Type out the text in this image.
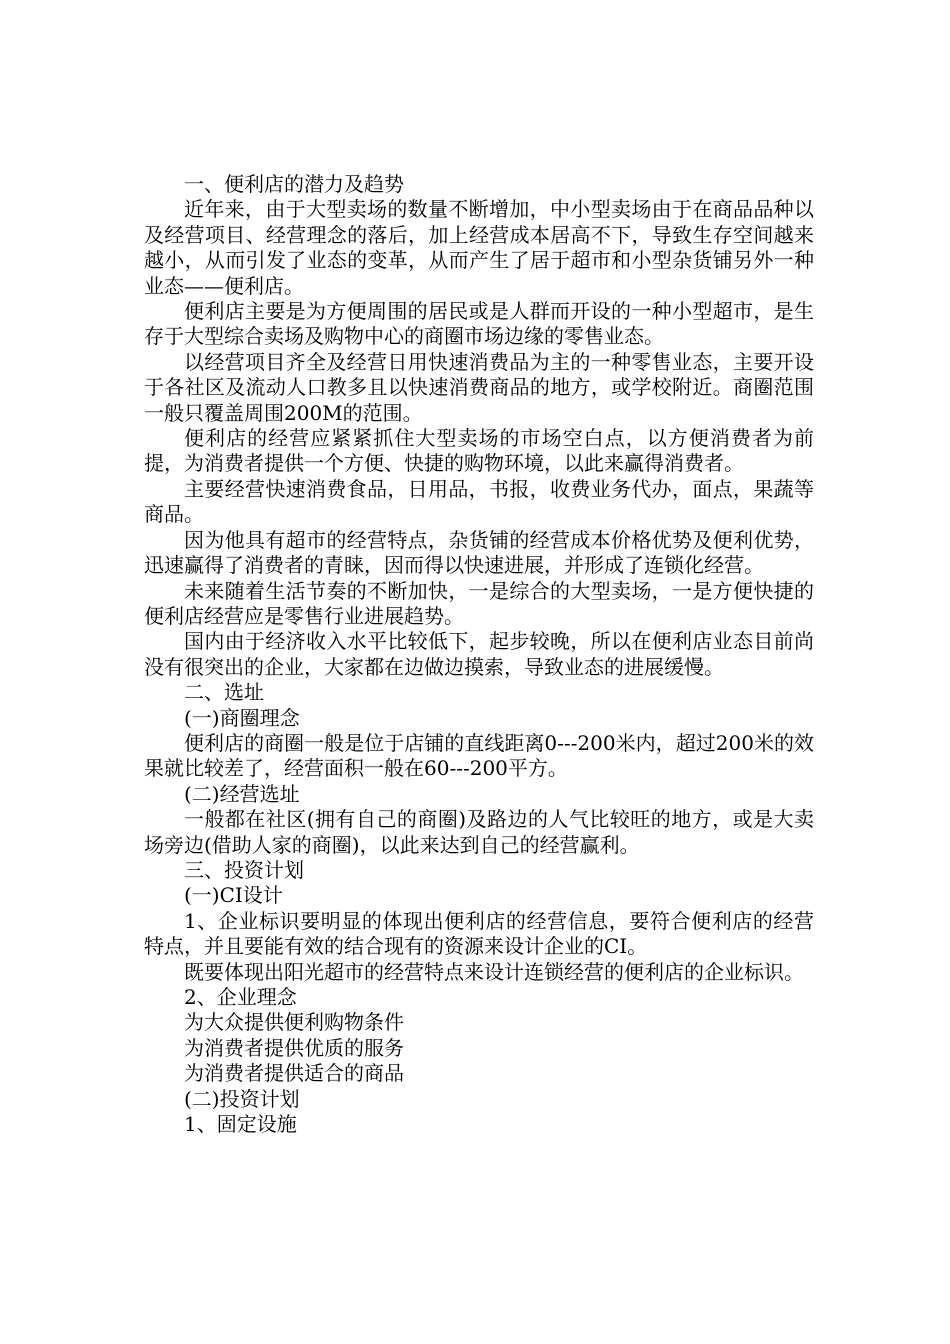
一、便利店的潜力及趋势

近年来，由于大型卖场的数量不断增加，中小型卖场由于在商品品种以及经营项目、经营理念的落后，加上经营成本居高不下，导致生存空间越来越小，从而引发了业态的变革，从而产生了居于超市和小型杂货铺另外一种业态——便利店。

便利店主要是为方便周围的居民或是人群而开设的一种小型超市，是生存于大型综合卖场及购物中心的商圈市场边缘的零售业态。

以经营项目齐全及经营日用快速消费品为主的一种零售业态，主要开设于各社区及流动人口教多且以快速消费商品的地方，或学校附近。商圈范围一般只覆盖周围200M的范围。

便利店的经营应紧紧抓住大型卖场的市场空白点，以方便消费者为前提，为消费者提供一个方便、快捷的购物环境，以此来赢得消费者。

主要经营快速消费食品，日用品，书报，收费业务代办，面点，果蔬等商品。

因为他具有超市的经营特点，杂货铺的经营成本价格优势及便利优势，迅速赢得了消费者的青睐，因而得以快速进展，并形成了连锁化经营。

未来随着生活节奏的不断加快，一是综合的大型卖场，一是方便快捷的便利店经营应是零售行业进展趋势。

国内由于经济收入水平比较低下，起步较晚，所以在便利店业态目前尚没有很突出的企业，大家都在边做边摸索，导致业态的进展缓慢。

二、选址

(一)商圈理念

便利店的商圈一般是位于店铺的直线距离0---200米内，超过200米的效果就比较差了，经营面积一般在60---200平方。

(二)经营选址

一般都在社区(拥有自己的商圈)及路边的人气比较旺的地方，或是大卖场旁边(借助人家的商圈)，以此来达到自己的经营赢利。

三、投资计划

(一)CI设计

1、企业标识要明显的体现出便利店的经营信息，要符合便利店的经营特点，并且要能有效的结合现有的资源来设计企业的CI。

既要体现出阳光超市的经营特点来设计连锁经营的便利店的企业标识。

2、企业理念

为大众提供便利购物条件

为消费者提供优质的服务

为消费者提供适合的商品

(二)投资计划

1、固定设施
